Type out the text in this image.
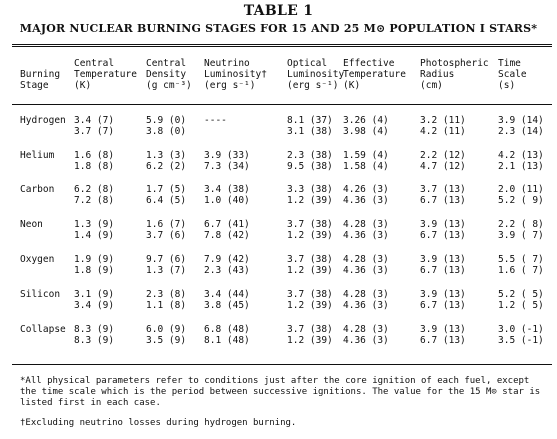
TABLE 1
MAJOR NUCLEAR BURNING STAGES FOR 15 AND 25 M⊙ POPULATION I STARS*
Burning
Stage
Central
Temperature
(K)
Central
Density
(g cm⁻³)
Neutrino
Luminosity†
(erg s⁻¹)
Optical
Luminosity
(erg s⁻¹)
Effective
Temperature
(K)
Photospheric
Radius
(cm)
Time
Scale
(s)
Hydrogen 3.4 (7)
3.7 (7)
5.9 (0)
3.8 (0)
----
	8.1 (37)
3.1 (38)
3.26 (4)
3.98 (4)
3.2 (11)
4.2 (11)
3.9 (14)
2.3 (14)
Helium 1.6 (8)
1.8 (8)
1.3 (3)
6.2 (2)
3.9 (33)
7.3 (34)
2.3 (38)
9.5 (38)
1.59 (4)
1.58 (4)
2.2 (12)
4.7 (12)
4.2 (13)
2.1 (13)
Carbon 6.2 (8)
7.2 (8)
1.7 (5)
6.4 (5)
3.4 (38)
1.0 (40)
3.3 (38)
1.2 (39)
4.26 (3)
4.36 (3)
3.7 (13)
6.7 (13)
2.0 (11)
5.2 ( 9)
Neon	1.3 (9)
1.4 (9)
1.6 (7)
3.7 (6)
6.7 (41)
7.8 (42)
3.7 (38)
1.2 (39)
4.28 (3)
4.36 (3)
3.9 (13)
6.7 (13)
2.2 ( 8)
3.9 ( 7)
Oxygen 1.9 (9)
1.8 (9)
9.7 (6)
1.3 (7)
7.9 (42)
2.3 (43)
3.7 (38)
1.2 (39)
4.28 (3)
4.36 (3)
3.9 (13)
6.7 (13)
5.5 ( 7)
1.6 ( 7)
Silicon 3.1 (9)
3.4 (9)
2.3 (8)
1.1 (8)
3.4 (44)
3.8 (45)
3.7 (38)
1.2 (39)
4.28 (3)
4.36 (3)
3.9 (13)
6.7 (13)
5.2 ( 5)
1.2 ( 5)
Collapse 8.3 (9)
8.3 (9)
6.0 (9)
3.5 (9)
6.8 (48)
8.1 (48)
3.7 (38)
1.2 (39)
4.28 (3)
4.36 (3)
3.9 (13)
6.7 (13)
3.0 (-1)
3.5 (-1)
*All physical parameters refer to conditions just after the core ignition of each fuel, except the time scale which is the period between successive ignitions. The value for the 15 M⊙ star is listed first in each case.
†Excluding neutrino losses during hydrogen burning.
